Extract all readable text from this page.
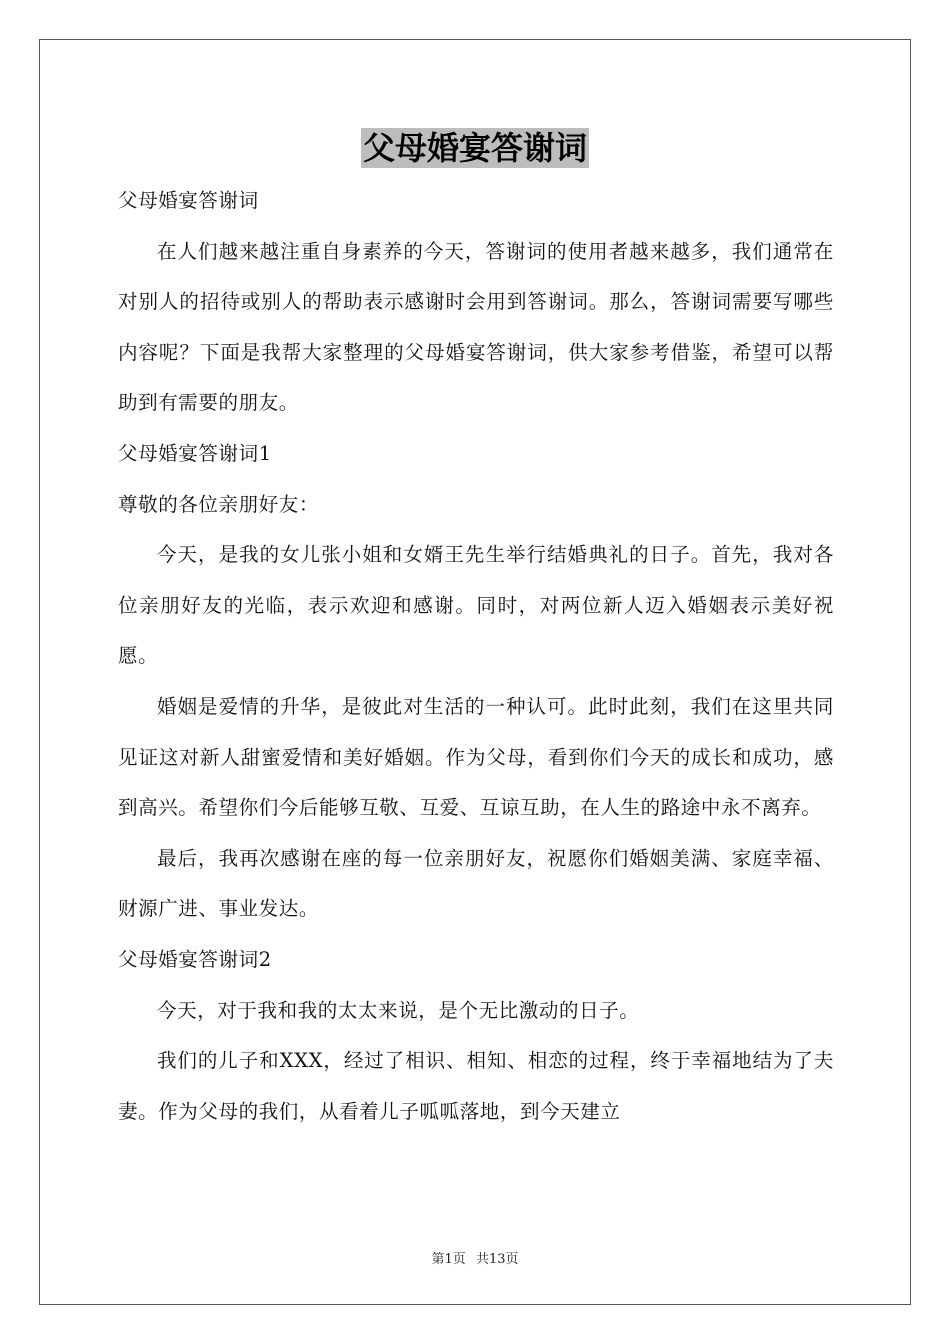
父母婚宴答谢词

父母婚宴答谢词

在人们越来越注重自身素养的今天，答谢词的使用者越来越多，我们通常在对别人的招待或别人的帮助表示感谢时会用到答谢词。那么，答谢词需要写哪些内容呢？下面是我帮大家整理的父母婚宴答谢词，供大家参考借鉴，希望可以帮助到有需要的朋友。

父母婚宴答谢词1

尊敬的各位亲朋好友：

今天，是我的女儿张小姐和女婿王先生举行结婚典礼的日子。首先，我对各位亲朋好友的光临，表示欢迎和感谢。同时，对两位新人迈入婚姻表示美好祝愿。

婚姻是爱情的升华，是彼此对生活的一种认可。此时此刻，我们在这里共同见证这对新人甜蜜爱情和美好婚姻。作为父母，看到你们今天的成长和成功，感到高兴。希望你们今后能够互敬、互爱、互谅互助，在人生的路途中永不离弃。

最后，我再次感谢在座的每一位亲朋好友，祝愿你们婚姻美满、家庭幸福、财源广进、事业发达。

父母婚宴答谢词2

今天，对于我和我的太太来说，是个无比激动的日子。

我们的儿子和XXX，经过了相识、相知、相恋的过程，终于幸福地结为了夫妻。作为父母的我们，从看着儿子呱呱落地，到今天建立

第1页 共13页
